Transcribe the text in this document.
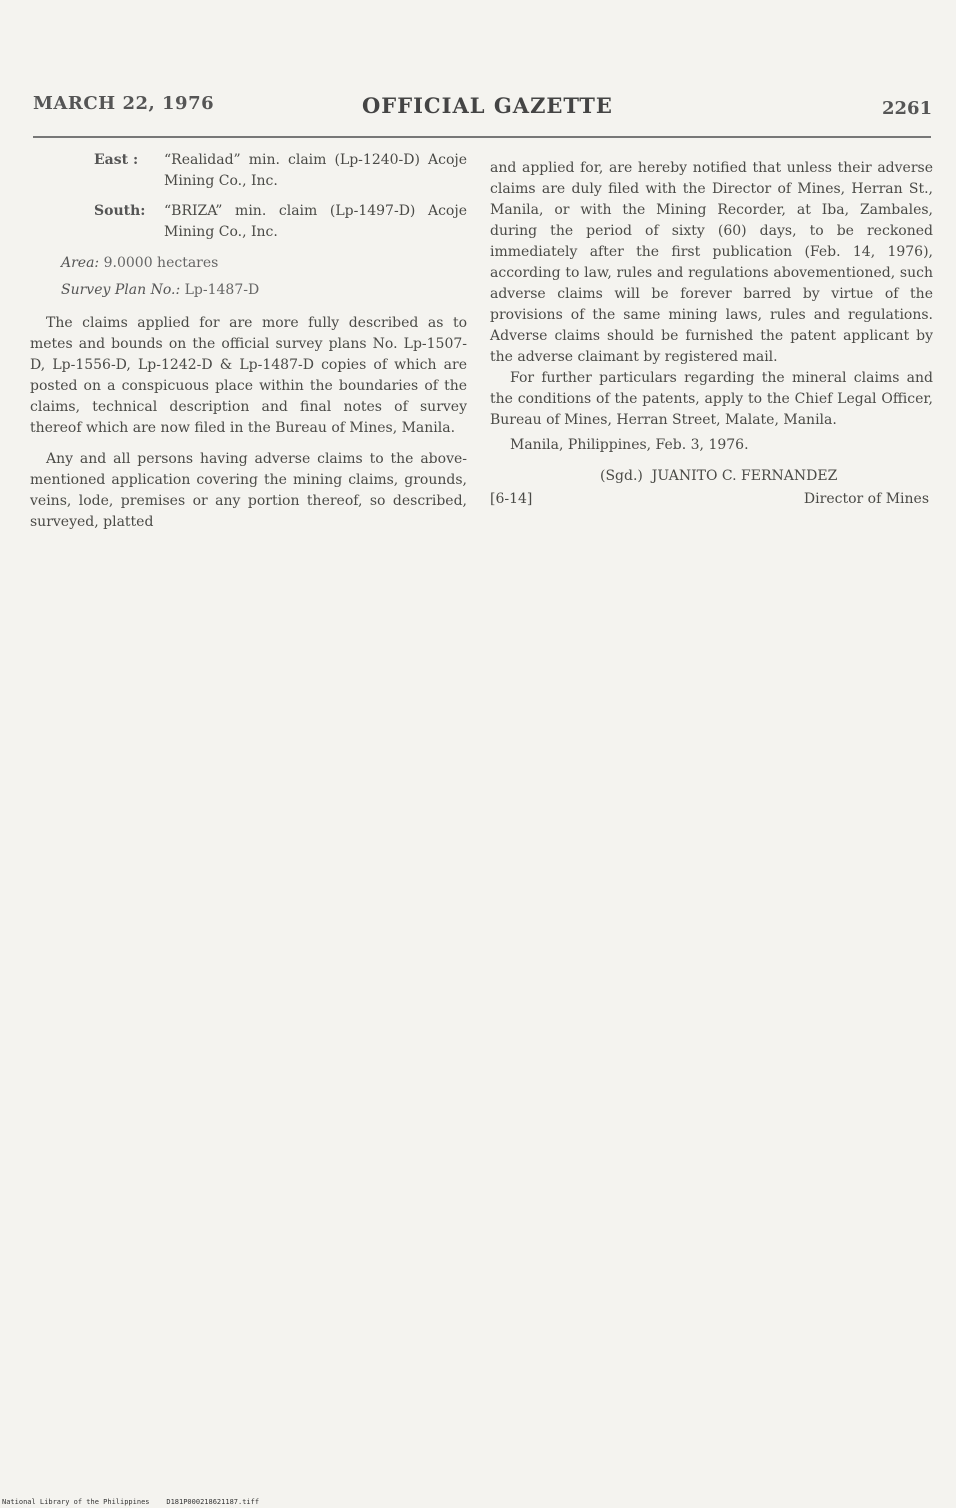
MARCH 22, 1976	OFFICIAL GAZETTE	2261
East :	“Realidad” min. claim (Lp-1240-D) Acoje Mining Co., Inc.
South:	“BRIZA” min. claim (Lp-1497-D) Acoje Mining Co., Inc.
Area: 9.0000 hectares
Survey Plan No.: Lp-1487-D

The claims applied for are more fully described as to metes and bounds on the official survey plans No. Lp-1507-D, Lp-1556-D, Lp-1242-D & Lp-1487-D copies of which are posted on a conspicuous place within the boundaries of the claims, technical description and final notes of survey thereof which are now filed in the Bureau of Mines, Manila.

Any and all persons having adverse claims to the above-mentioned application covering the mining claims, grounds, veins, lode, premises or any portion thereof, so described, surveyed, platted

and applied for, are hereby notified that unless their adverse claims are duly filed with the Director of Mines, Herran St., Manila, or with the Mining Recorder, at Iba, Zambales, during the period of sixty (60) days, to be reckoned immediately after the first publication (Feb. 14, 1976), according to law, rules and regulations abovementioned, such adverse claims will be forever barred by virtue of the provisions of the same mining laws, rules and regulations. Adverse claims should be furnished the patent applicant by the adverse claimant by registered mail.

For further particulars regarding the mineral claims and the conditions of the patents, apply to the Chief Legal Officer, Bureau of Mines, Herran Street, Malate, Manila.

Manila, Philippines, Feb. 3, 1976.
(Sgd.)
JUANITO C. FERNANDEZ
[6-14]	Director of Mines
National Library of the Philippines    D181P000218621187.tiff
